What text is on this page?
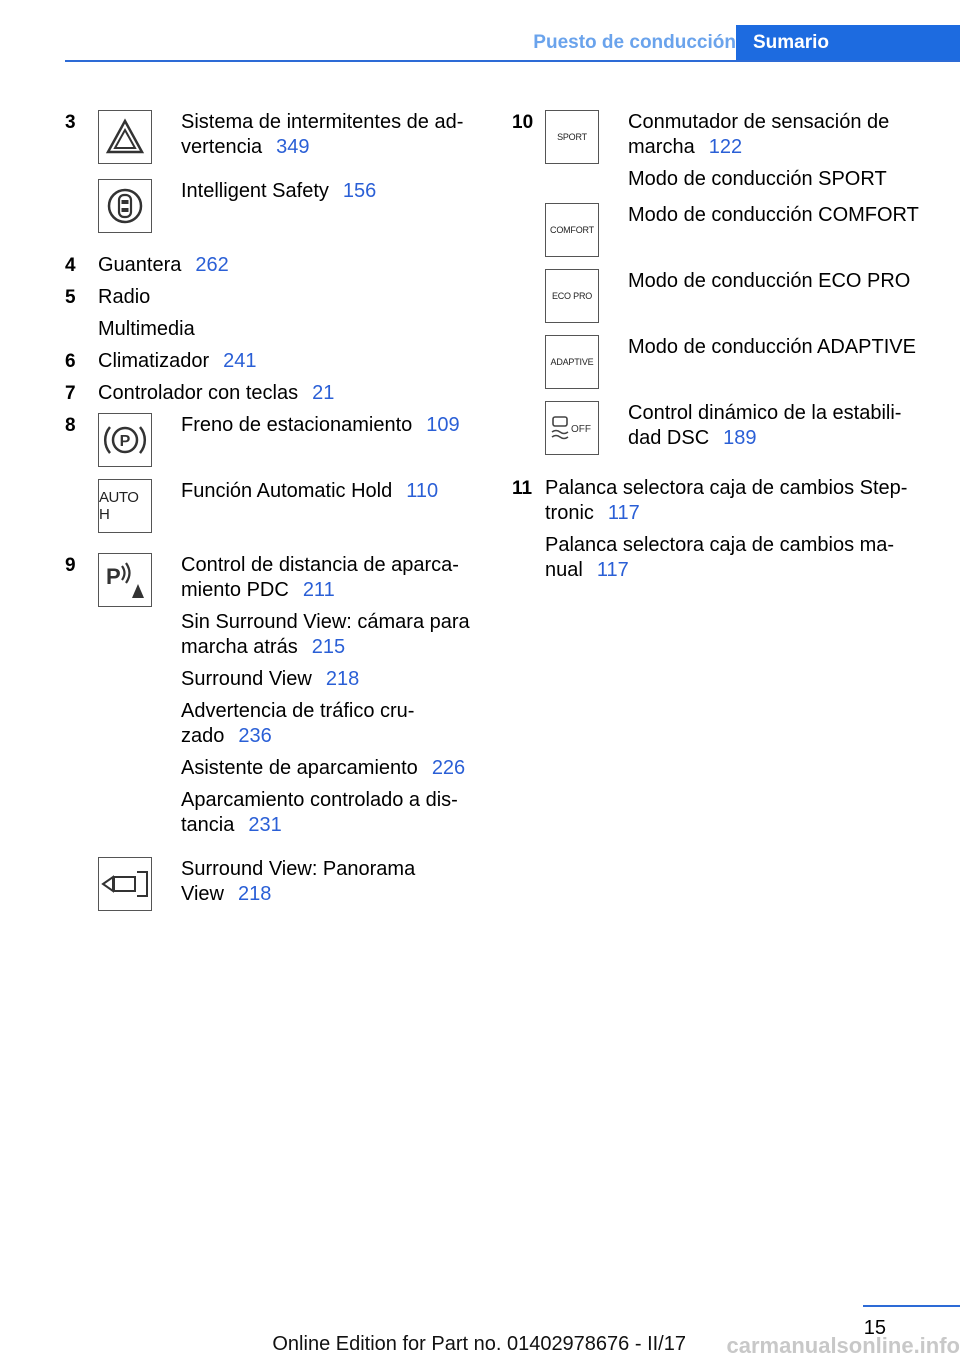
Puesto de conducción Sumario
3	Sistema de intermitentes de ad-
vertencia 349

Intelligent Safety 156

4 Guantera 262

5 Radio

Multimedia

6 Climatizador 241

7 Controlador con teclas 21

8
P

Freno de estacionamiento 109

AUTO H

Función Automatic Hold 110

9 P	Control de distancia de aparca-
miento PDC 211

Sin Surround View: cámara para
marcha atrás 215

Surround View 218

Advertencia de tráfico cru-
zado 236

Asistente de aparcamiento 226

Aparcamiento controlado a dis-
tancia 231

Surround View: Panorama
View 218

10
SPORT

Conmutador de sensación de
marcha 122

Modo de conducción SPORT

COMFORT

Modo de conducción COMFORT

ECO PRO

Modo de conducción ECO PRO

ADAPTIVE

Modo de conducción ADAPTIVE

OFF

Control dinámico de la estabili-
dad DSC 189

11 Palanca selectora caja de cambios Step-
tronic 117

Palanca selectora caja de cambios ma-
nual 117

15
carmanualsonline.info
Online Edition for Part no. 01402978676 - II/17
